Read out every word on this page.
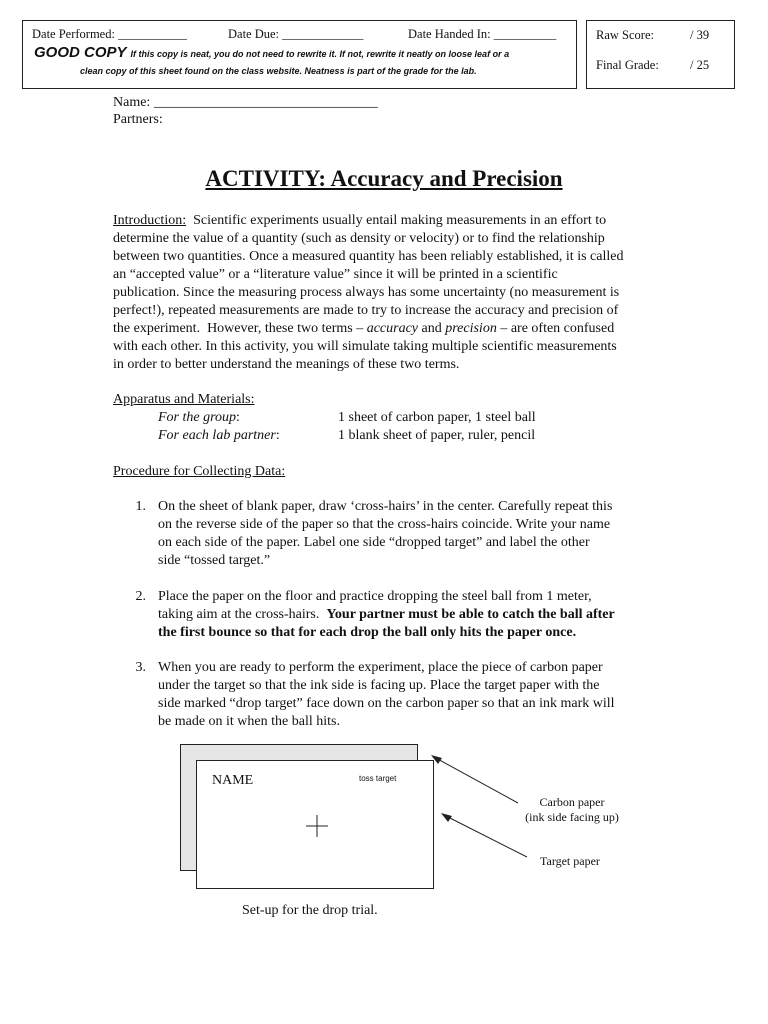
Date Performed: ___________	Date Due: _____________	Date Handed In: __________
GOOD COPY If this copy is neat, you do not need to rewrite it. If not, rewrite it neatly on loose leaf or a
clean copy of this sheet found on the class website. Neatness is part of the grade for the lab.
Raw Score:	/ 39
Final Grade: / 25
Name: ________________________________
Partners:
ACTIVITY: Accuracy and Precision
Introduction:  Scientific experiments usually entail making measurements in an effort to
determine the value of a quantity (such as density or velocity) or to find the relationship
between two quantities. Once a measured quantity has been reliably established, it is called
an “accepted value” or a “literature value” since it will be printed in a scientific
publication. Since the measuring process always has some uncertainty (no measurement is
perfect!), repeated measurements are made to try to increase the accuracy and precision of
the experiment.  However, these two terms – accuracy and precision – are often confused
with each other. In this activity, you will simulate taking multiple scientific measurements
in order to better understand the meanings of these two terms.
Apparatus and Materials:
For the group:	1 sheet of carbon paper, 1 steel ball
For each lab partner:	1 blank sheet of paper, ruler, pencil
Procedure for Collecting Data:
1. On the sheet of blank paper, draw ‘cross-hairs’ in the center. Carefully repeat this
on the reverse side of the paper so that the cross-hairs coincide. Write your name
on each side of the paper. Label one side “dropped target” and label the other
side “tossed target.”
2. Place the paper on the floor and practice dropping the steel ball from 1 meter,
taking aim at the cross-hairs.  Your partner must be able to catch the ball after
the first bounce so that for each drop the ball only hits the paper once.
3. When you are ready to perform the experiment, place the piece of carbon paper
under the target so that the ink side is facing up. Place the target paper with the
side marked “drop target” face down on the carbon paper so that an ink mark will
be made on it when the ball hits.
NAME	toss target
Carbon paper
(ink side facing up)
Target paper
Set-up for the drop trial.
